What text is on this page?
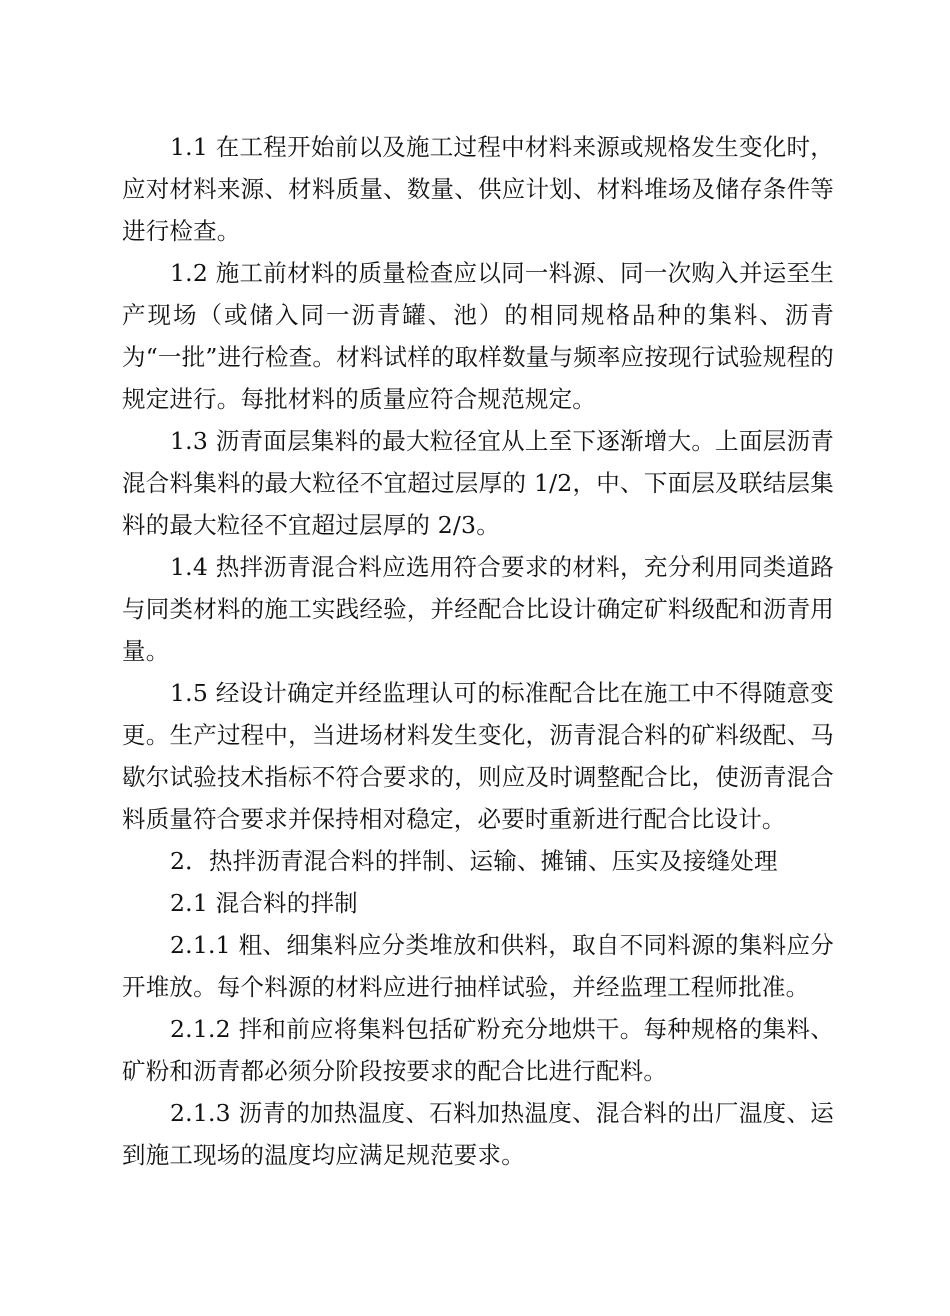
1.1 在工程开始前以及施工过程中材料来源或规格发生变化时，应对材料来源、材料质量、数量、供应计划、材料堆场及储存条件等进行检查。

1.2 施工前材料的质量检查应以同一料源、同一次购入并运至生产现场（或储入同一沥青罐、池）的相同规格品种的集料、沥青为“一批”进行检查。材料试样的取样数量与频率应按现行试验规程的规定进行。每批材料的质量应符合规范规定。

1.3 沥青面层集料的最大粒径宜从上至下逐渐增大。上面层沥青混合料集料的最大粒径不宜超过层厚的 1/2，中、下面层及联结层集料的最大粒径不宜超过层厚的 2/3。

1.4 热拌沥青混合料应选用符合要求的材料，充分利用同类道路与同类材料的施工实践经验，并经配合比设计确定矿料级配和沥青用量。

1.5 经设计确定并经监理认可的标准配合比在施工中不得随意变更。生产过程中，当进场材料发生变化，沥青混合料的矿料级配、马歇尔试验技术指标不符合要求的，则应及时调整配合比，使沥青混合料质量符合要求并保持相对稳定，必要时重新进行配合比设计。

2．热拌沥青混合料的拌制、运输、摊铺、压实及接缝处理

2.1 混合料的拌制

2.1.1 粗、细集料应分类堆放和供料，取自不同料源的集料应分开堆放。每个料源的材料应进行抽样试验，并经监理工程师批准。

2.1.2 拌和前应将集料包括矿粉充分地烘干。每种规格的集料、矿粉和沥青都必须分阶段按要求的配合比进行配料。

2.1.3 沥青的加热温度、石料加热温度、混合料的出厂温度、运到施工现场的温度均应满足规范要求。
